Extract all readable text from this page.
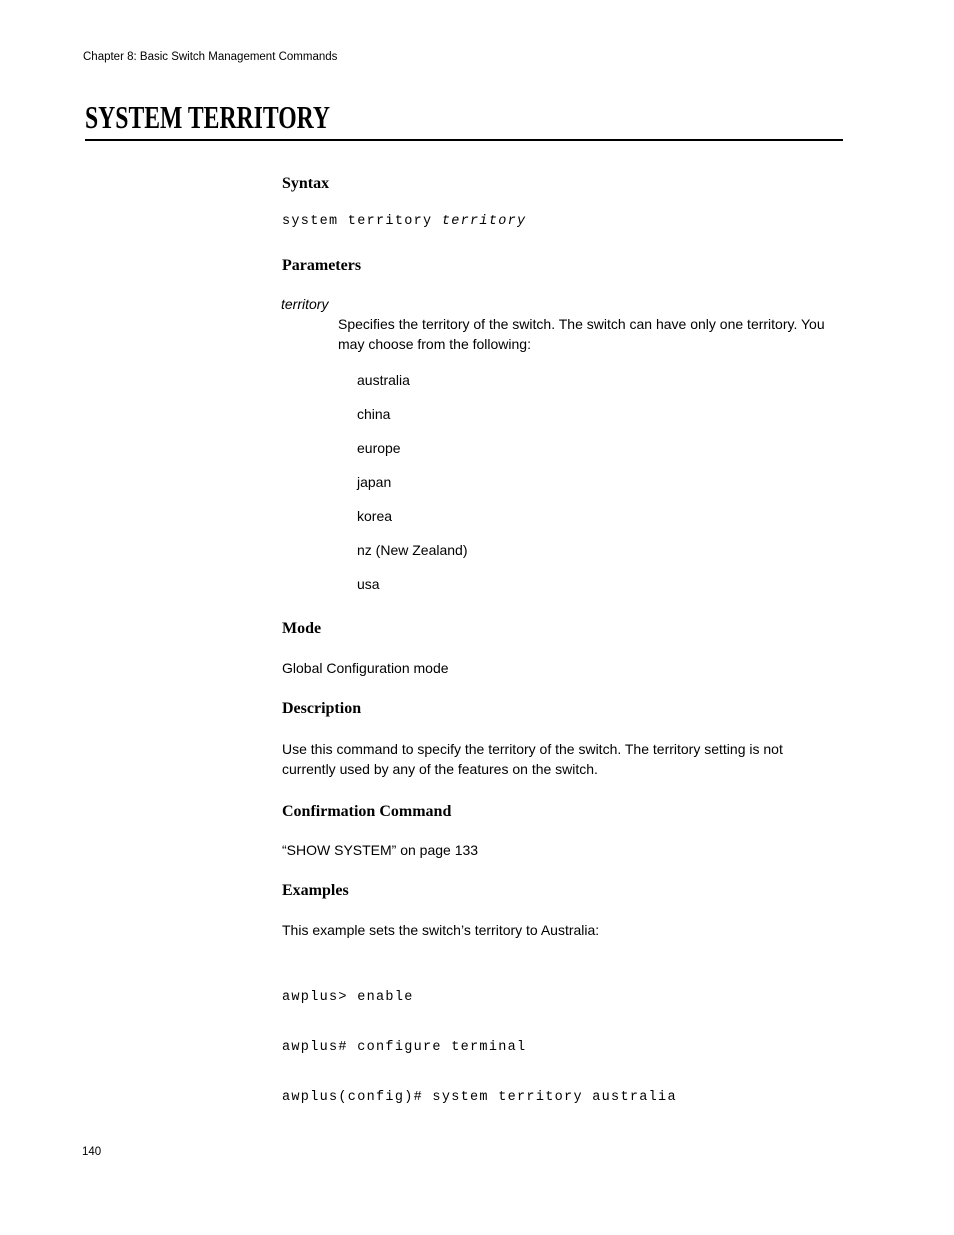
Chapter 8: Basic Switch Management Commands
SYSTEM TERRITORY
Syntax
system territory territory
Parameters
territory

Specifies the territory of the switch. The switch can have only one territory. You may choose from the following:

australia
china
europe
japan
korea
nz (New Zealand)
usa
Mode

Global Configuration mode

Description

Use this command to specify the territory of the switch. The territory setting is not currently used by any of the features on the switch.

Confirmation Command

“SHOW SYSTEM” on page 133

Examples

This example sets the switch’s territory to Australia:

awplus> enable

awplus# configure terminal

awplus(config)# system territory australia

140
